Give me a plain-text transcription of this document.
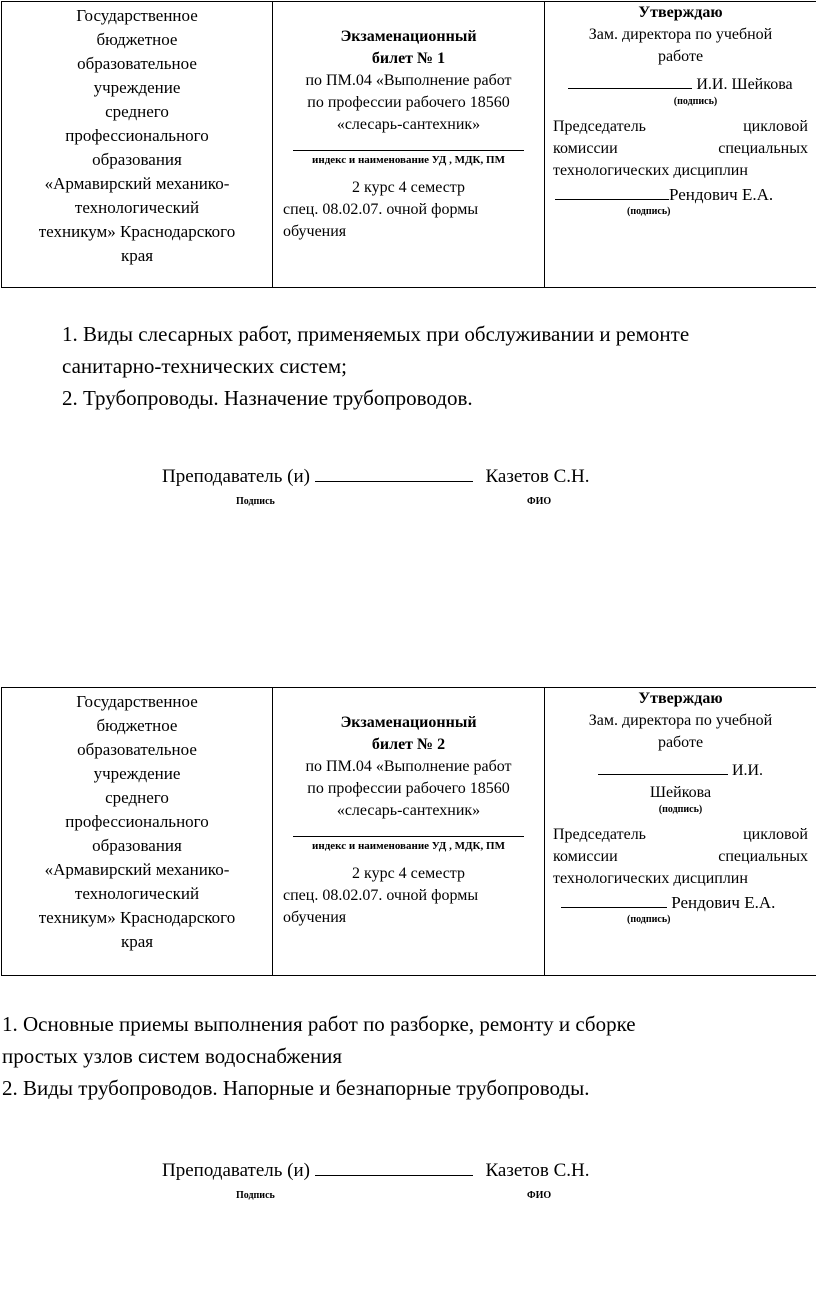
Государственное
бюджетное
образовательное
учреждение
среднего
профессионального
образования
«Армавирский механико-
технологический
техникум» Краснодарского
края

Экзаменационный
билет № 1
по ПМ.04 «Выполнение работ
по профессии рабочего 18560
«слесарь-сантехник»
индекс и наименование УД , МДК, ПМ
2 курс 4 семестр
спец. 08.02.07. очной формы
обучения

Утверждаю
Зам. директора по учебной
работе
И.И. Шейкова
(подпись)
Председатель цикловой
комиссии специальных
технологических дисциплин
Рендович Е.А.
(подпись)
1. Виды слесарных работ, применяемых при обслуживании и ремонте
санитарно-технических систем;
2. Трубопроводы. Назначение трубопроводов.
Преподаватель (и)	Казетов С.Н.
Подпись	ФИО
Государственное
бюджетное
образовательное
учреждение
среднего
профессионального
образования
«Армавирский механико-
технологический
техникум» Краснодарского
края

Экзаменационный
билет № 2
по ПМ.04 «Выполнение работ
по профессии рабочего 18560
«слесарь-сантехник»
индекс и наименование УД , МДК, ПМ
2 курс 4 семестр
спец. 08.02.07. очной формы
обучения

Утверждаю
Зам. директора по учебной
работе
И.И.
Шейкова
(подпись)
Председатель цикловой
комиссии специальных
технологических дисциплин
Рендович Е.А.
(подпись)
1. Основные приемы выполнения работ по разборке, ремонту и сборке
простых узлов систем водоснабжения
2. Виды трубопроводов. Напорные и безнапорные трубопроводы.
Преподаватель (и)	Казетов С.Н.
Подпись	ФИО
